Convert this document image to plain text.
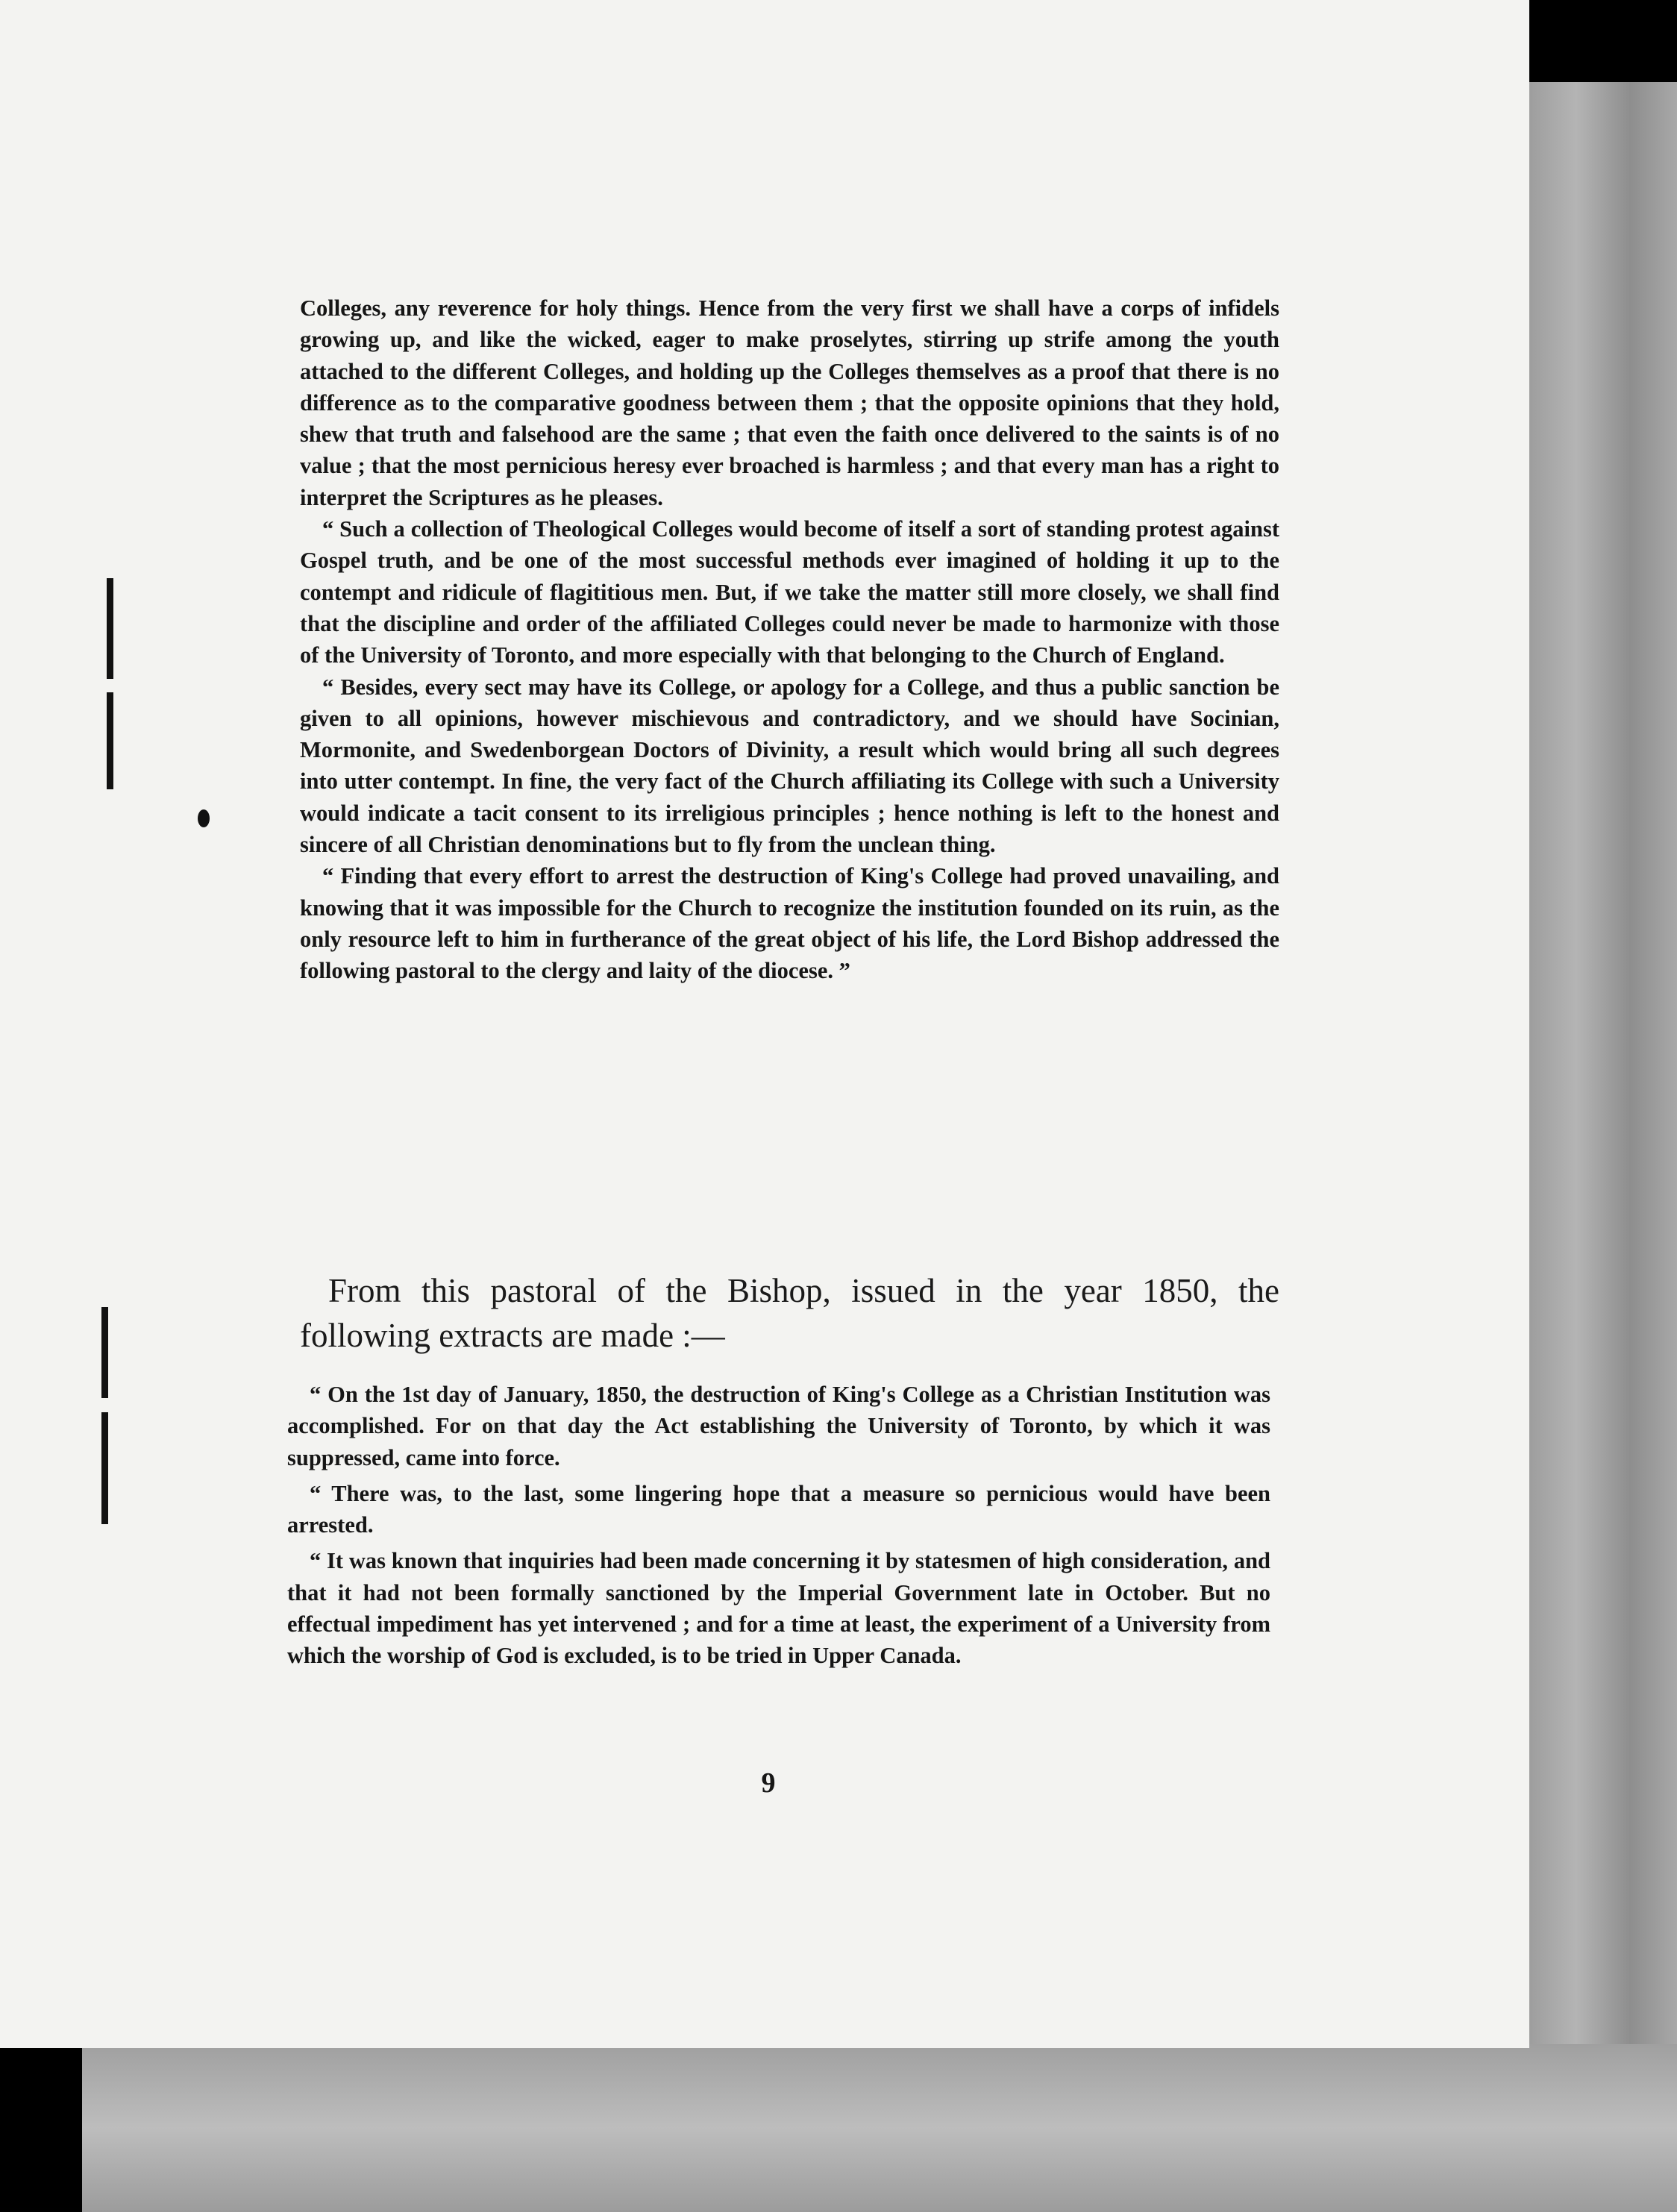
Colleges, any reverence for holy things. Hence from the very first we shall have a corps of infidels growing up, and like the wicked, eager to make proselytes, stirring up strife among the youth attached to the different Colleges, and holding up the Colleges themselves as a proof that there is no difference as to the comparative goodness between them ; that the opposite opinions that they hold, shew that truth and falsehood are the same ; that even the faith once delivered to the saints is of no value ; that the most pernicious heresy ever broached is harmless ; and that every man has a right to interpret the Scriptures as he pleases.

“ Such a collection of Theological Colleges would become of itself a sort of standing protest against Gospel truth, and be one of the most successful methods ever imagined of holding it up to the contempt and ridicule of flagititious men. But, if we take the matter still more closely, we shall find that the discipline and order of the affiliated Colleges could never be made to harmonize with those of the University of Toronto, and more especially with that belonging to the Church of England.

“ Besides, every sect may have its College, or apology for a College, and thus a public sanction be given to all opinions, however mischievous and contradictory, and we should have Socinian, Mormonite, and Swedenborgean Doctors of Divinity, a result which would bring all such degrees into utter contempt. In fine, the very fact of the Church affiliating its College with such a University would indicate a tacit consent to its irreligious principles ; hence nothing is left to the honest and sincere of all Christian denominations but to fly from the unclean thing.

“ Finding that every effort to arrest the destruction of King's College had proved unavailing, and knowing that it was impossible for the Church to recognize the institution founded on its ruin, as the only resource left to him in furtherance of the great object of his life, the Lord Bishop addressed the following pastoral to the clergy and laity of the diocese. ”

From this pastoral of the Bishop, issued in the year 1850, the following extracts are made :—

“ On the 1st day of January, 1850, the destruction of King's College as a Christian Institution was accomplished. For on that day the Act establishing the University of Toronto, by which it was suppressed, came into force.

“ There was, to the last, some lingering hope that a measure so pernicious would have been arrested.

“ It was known that inquiries had been made concerning it by statesmen of high consideration, and that it had not been formally sanctioned by the Imperial Government late in October. But no effectual impediment has yet intervened ; and for a time at least, the experiment of a University from which the worship of God is excluded, is to be tried in Upper Canada.

9
